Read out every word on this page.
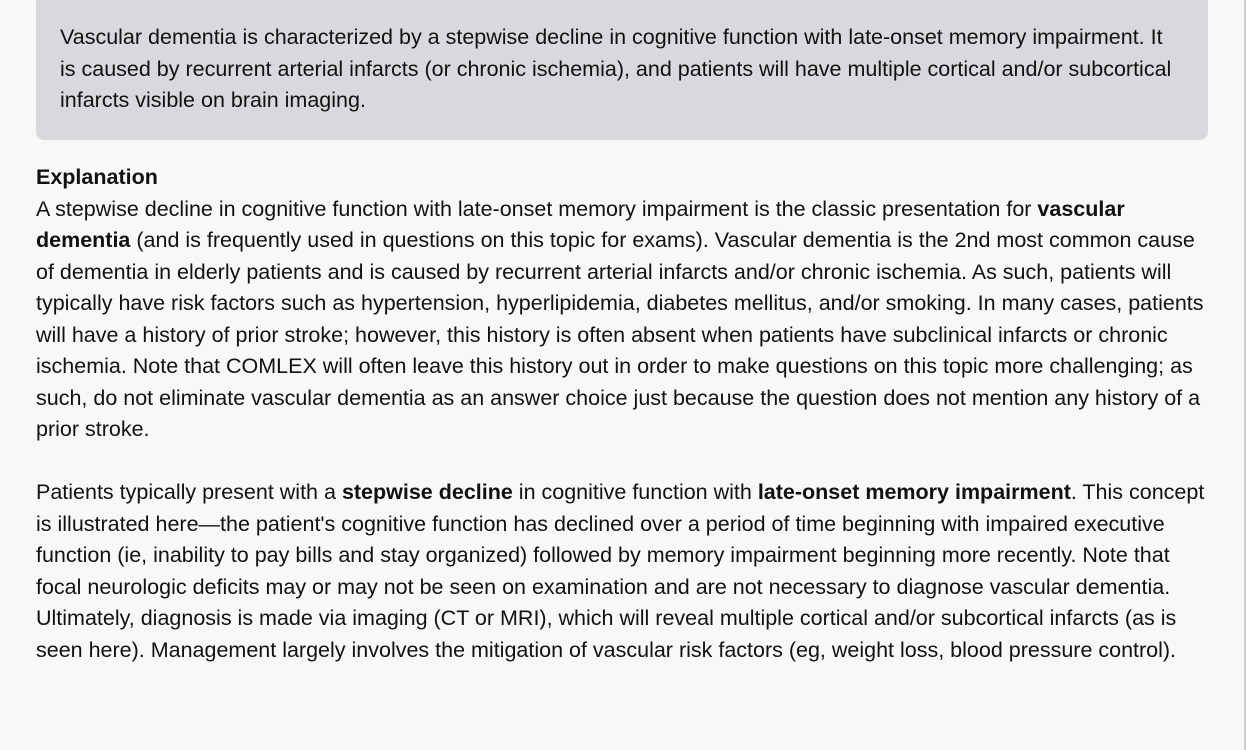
Vascular dementia is characterized by a stepwise decline in cognitive function with late-onset memory impairment. It is caused by recurrent arterial infarcts (or chronic ischemia), and patients will have multiple cortical and/or subcortical infarcts visible on brain imaging.

Explanation

A stepwise decline in cognitive function with late-onset memory impairment is the classic presentation for vascular dementia (and is frequently used in questions on this topic for exams). Vascular dementia is the 2nd most common cause of dementia in elderly patients and is caused by recurrent arterial infarcts and/or chronic ischemia. As such, patients will typically have risk factors such as hypertension, hyperlipidemia, diabetes mellitus, and/or smoking. In many cases, patients will have a history of prior stroke; however, this history is often absent when patients have subclinical infarcts or chronic ischemia. Note that COMLEX will often leave this history out in order to make questions on this topic more challenging; as such, do not eliminate vascular dementia as an answer choice just because the question does not mention any history of a prior stroke.

Patients typically present with a stepwise decline in cognitive function with late-onset memory impairment. This concept is illustrated here—the patient's cognitive function has declined over a period of time beginning with impaired executive function (ie, inability to pay bills and stay organized) followed by memory impairment beginning more recently. Note that focal neurologic deficits may or may not be seen on examination and are not necessary to diagnose vascular dementia. Ultimately, diagnosis is made via imaging (CT or MRI), which will reveal multiple cortical and/or subcortical infarcts (as is seen here). Management largely involves the mitigation of vascular risk factors (eg, weight loss, blood pressure control).
